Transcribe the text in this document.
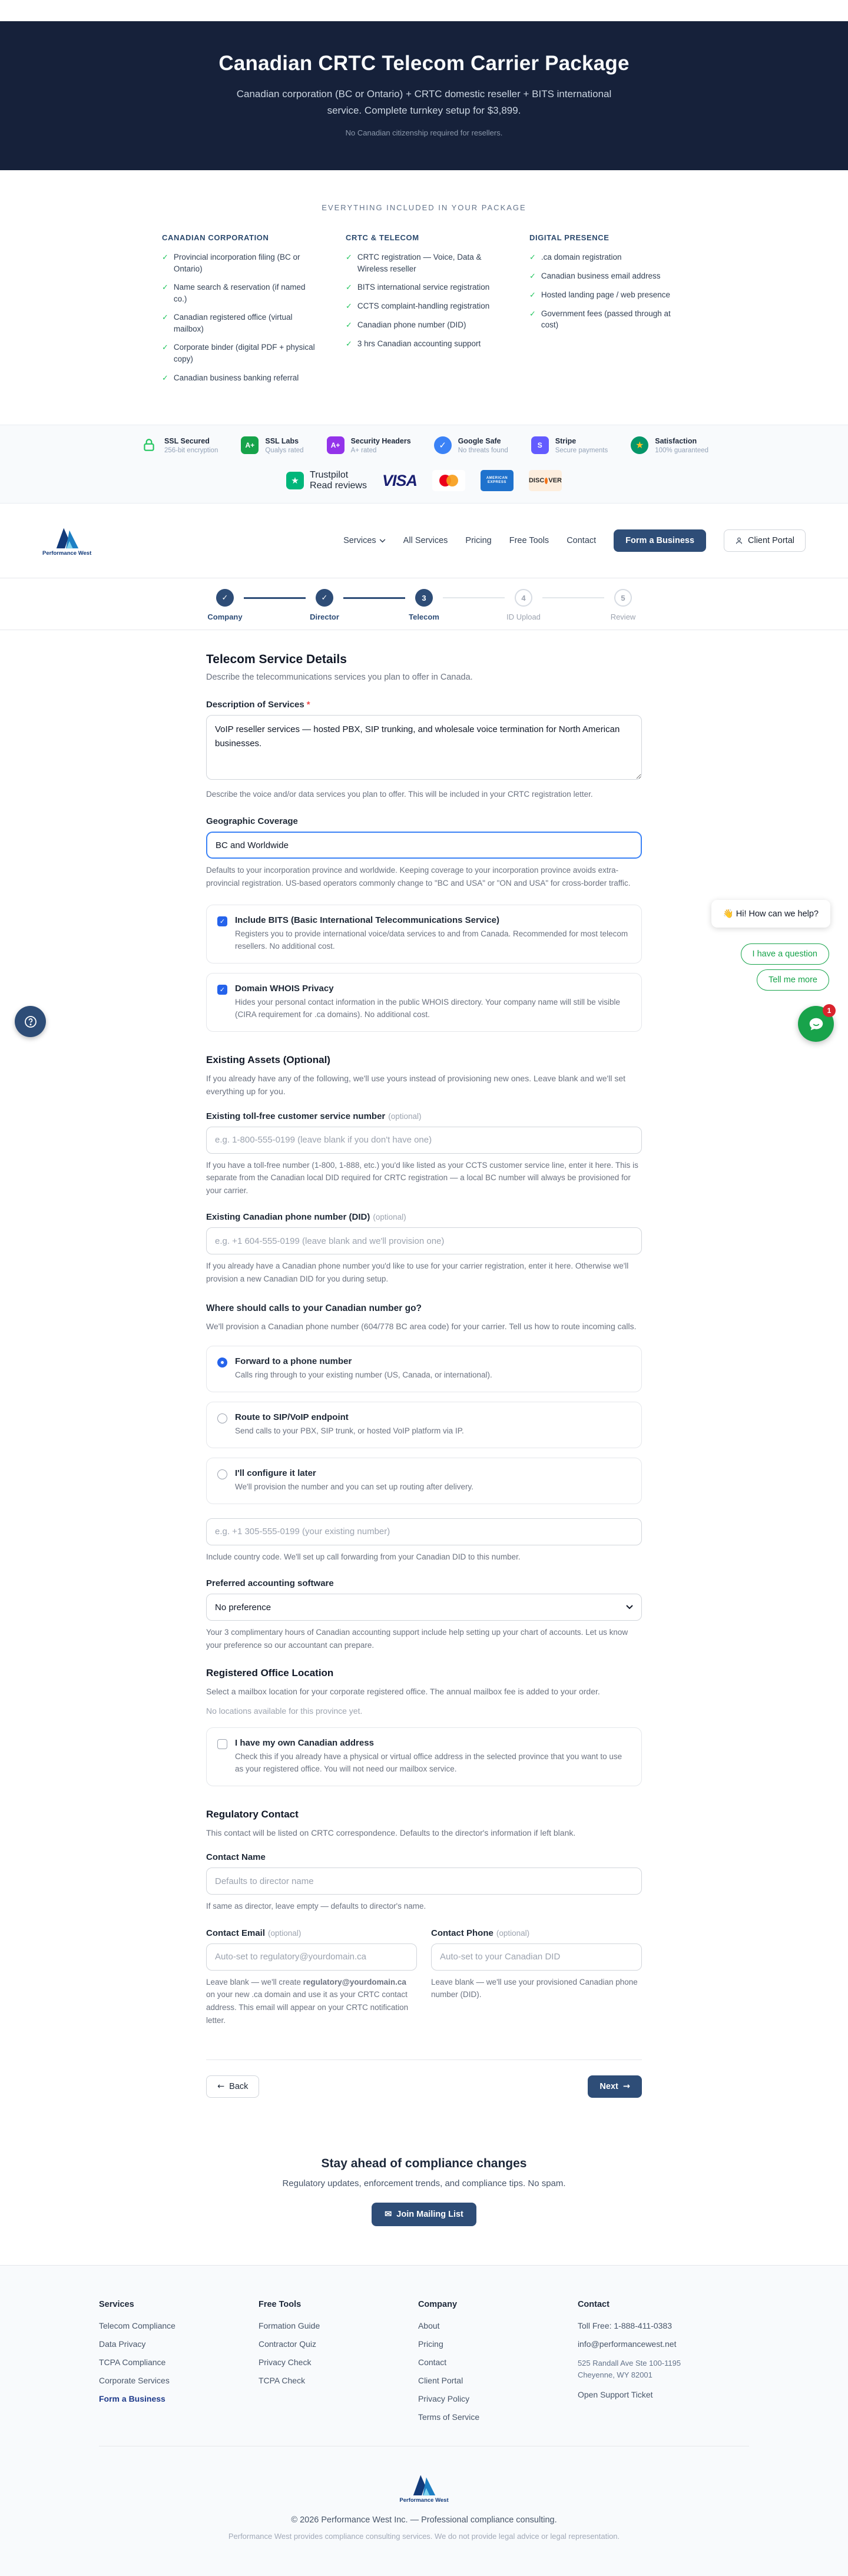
Canadian CRTC Telecom Carrier Package
Canadian corporation (BC or Ontario) + CRTC domestic reseller + BITS international service. Complete turnkey setup for $3,899.
No Canadian citizenship required for resellers.
EVERYTHING INCLUDED IN YOUR PACKAGE
CANADIAN CORPORATION
✓ Provincial incorporation filing (BC or Ontario)
✓ Name search & reservation (if named co.)
✓ Canadian registered office (virtual mailbox)
✓ Corporate binder (digital PDF + physical copy)
✓ Canadian business banking referral
CRTC & TELECOM
✓ CRTC registration — Voice, Data & Wireless reseller
✓ BITS international service registration
✓ CCTS complaint-handling registration
✓ Canadian phone number (DID)
✓ 3 hrs Canadian accounting support
DIGITAL PRESENCE
✓ .ca domain registration
✓ Canadian business email address
✓ Hosted landing page / web presence
✓ Government fees (passed through at cost)
SSL Secured
256-bit encryption
A+
SSL Labs
Qualys rated
A+
Security Headers
A+ rated	✓	Google Safe
No threats found
S
Stripe
Secure payments	★ Satisfaction
100% guaranteed
★
Trustpilot
Read reviews VISA	AMERICAN
EXPRESS	DISC VER
Performance West
Services	All Services Pricing Free Tools Contact	Form a Business	Client Portal
✓
Company
✓
Director
3
Telecom
4
ID Upload
5
Review
Telecom Service Details

Describe the telecommunications services you plan to offer in Canada.

Description of Services *
VoIP reseller services — hosted PBX, SIP trunking, and wholesale voice termination for North American businesses.

Describe the voice and/or data services you plan to offer. This will be included in your CRTC registration letter.

Geographic Coverage
BC and Worldwide

Defaults to your incorporation province and worldwide. Keeping coverage to your incorporation province avoids extra-provincial registration. US-based operators commonly change to "BC and USA" or "ON and USA" for cross-border traffic.

✓ Include BITS (Basic International Telecommunications Service)
Registers you to provide international voice/data services to and from Canada. Recommended for most telecom resellers. No additional cost.
✓ Domain WHOIS Privacy
Hides your personal contact information in the public WHOIS directory. Your company name will still be visible (CIRA requirement for .ca domains). No additional cost.
Existing Assets (Optional)

If you already have any of the following, we'll use yours instead of provisioning new ones. Leave blank and we'll set everything up for you.

Existing toll-free customer service number (optional)
e.g. 1-800-555-0199 (leave blank if you don't have one)

If you have a toll-free number (1-800, 1-888, etc.) you'd like listed as your CCTS customer service line, enter it here. This is separate from the Canadian local DID required for CRTC registration — a local BC number will always be provisioned for your carrier.

Existing Canadian phone number (DID) (optional)
e.g. +1 604-555-0199 (leave blank and we'll provision one)

If you already have a Canadian phone number you'd like to use for your carrier registration, enter it here. Otherwise we'll provision a new Canadian DID for you during setup.

Where should calls to your Canadian number go?

We'll provision a Canadian phone number (604/778 BC area code) for your carrier. Tell us how to route incoming calls.

Forward to a phone number
Calls ring through to your existing number (US, Canada, or international).
Route to SIP/VoIP endpoint
Send calls to your PBX, SIP trunk, or hosted VoIP platform via IP.
I'll configure it later
We'll provision the number and you can set up routing after delivery.
e.g. +1 305-555-0199 (your existing number)

Include country code. We'll set up call forwarding from your Canadian DID to this number.

Preferred accounting software
No preference

Your 3 complimentary hours of Canadian accounting support include help setting up your chart of accounts. Let us know your preference so our accountant can prepare.

Registered Office Location

Select a mailbox location for your corporate registered office. The annual mailbox fee is added to your order.

No locations available for this province yet.

I have my own Canadian address
Check this if you already have a physical or virtual office address in the selected province that you want to use as your registered office. You will not need our mailbox service.
Regulatory Contact

This contact will be listed on CRTC correspondence. Defaults to the director's information if left blank.

Contact Name
Defaults to director name

If same as director, leave empty — defaults to director's name.

Contact Email (optional)
Auto-set to regulatory@yourdomain.ca

Leave blank — we'll create regulatory@yourdomain.ca on your new .ca domain and use it as your CRTC contact address. This email will appear on your CRTC notification letter.

Contact Phone (optional)
Auto-set to your Canadian DID

Leave blank — we'll use your provisioned Canadian phone number (DID).

← Back	Next →
Stay ahead of compliance changes

Regulatory updates, enforcement trends, and compliance tips. No spam.

✉ Join Mailing List
Services
Telecom Compliance
Data Privacy
TCPA Compliance
Corporate Services
Form a Business
Free Tools
Formation Guide
Contractor Quiz
Privacy Check
TCPA Check
Company
About
Pricing
Contact
Client Portal
Privacy Policy
Terms of Service
Contact
Toll Free: 1-888-411-0383
info@performancewest.net
525 Randall Ave Ste 100-1195
Cheyenne, WY 82001
Open Support Ticket
Performance West
© 2026 Performance West Inc. — Professional compliance consulting.
Performance West provides compliance consulting services. We do not provide legal advice or legal representation.
👋 Hi! How can we help?
I have a question
Tell me more
1
